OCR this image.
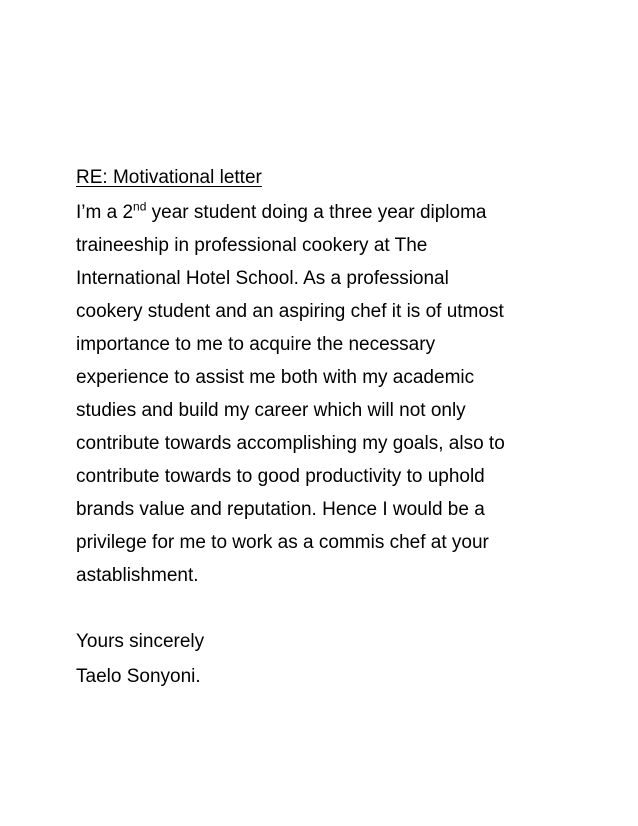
RE: Motivational letter

I’m a 2nd year student doing a three year diploma
traineeship in professional cookery at The
International Hotel School. As a professional
cookery student and an aspiring chef it is of utmost
importance to me to acquire the necessary
experience to assist me both with my academic
studies and build my career which will not only
contribute towards accomplishing my goals, also to
contribute towards to good productivity to uphold
brands value and reputation. Hence I would be a
privilege for me to work as a commis chef at your
astablishment.

Yours sincerely
Taelo Sonyoni.
